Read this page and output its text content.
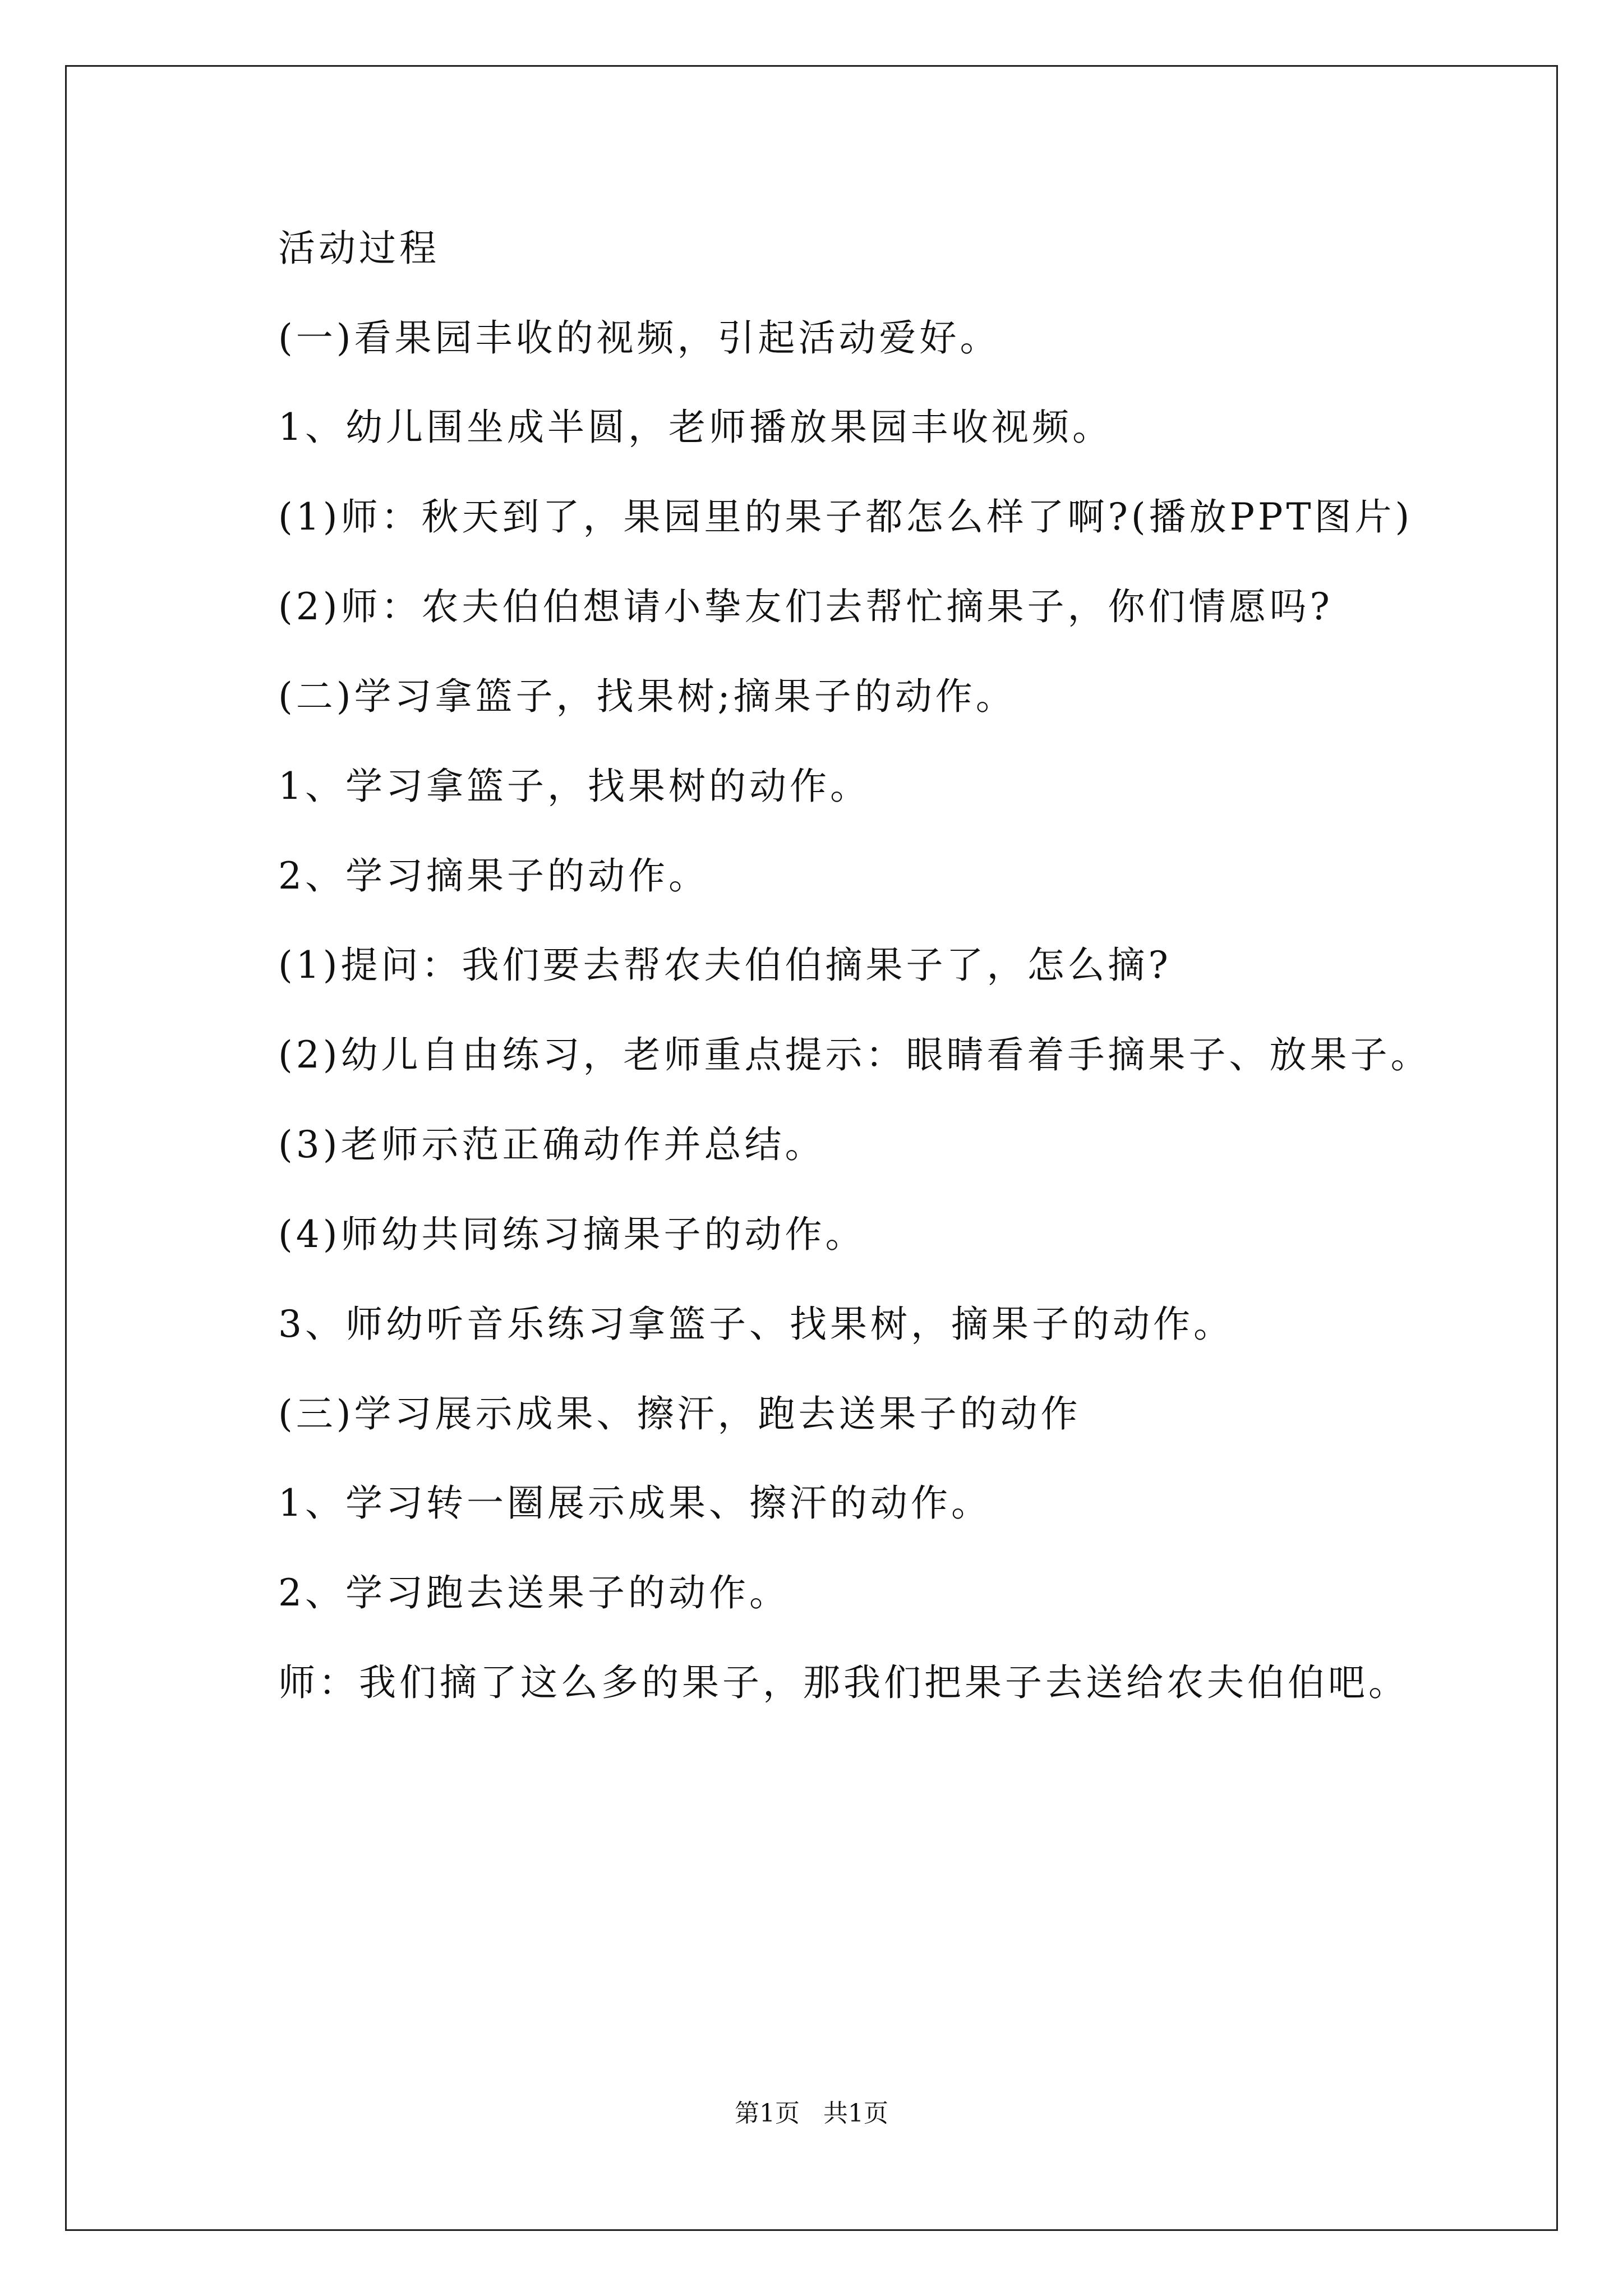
活动过程
(一)看果园丰收的视频，引起活动爱好。
1、幼儿围坐成半圆，老师播放果园丰收视频。
(1)师：秋天到了，果园里的果子都怎么样了啊?(播放PPT图片)
(2)师：农夫伯伯想请小挚友们去帮忙摘果子，你们情愿吗?
(二)学习拿篮子，找果树;摘果子的动作。
1、学习拿篮子，找果树的动作。
2、学习摘果子的动作。
(1)提问：我们要去帮农夫伯伯摘果子了，怎么摘?
(2)幼儿自由练习，老师重点提示：眼睛看着手摘果子、放果子。
(3)老师示范正确动作并总结。
(4)师幼共同练习摘果子的动作。
3、师幼听音乐练习拿篮子、找果树，摘果子的动作。
(三)学习展示成果、擦汗，跑去送果子的动作
1、学习转一圈展示成果、擦汗的动作。
2、学习跑去送果子的动作。
师：我们摘了这么多的果子，那我们把果子去送给农夫伯伯吧。
第1页   共1页
